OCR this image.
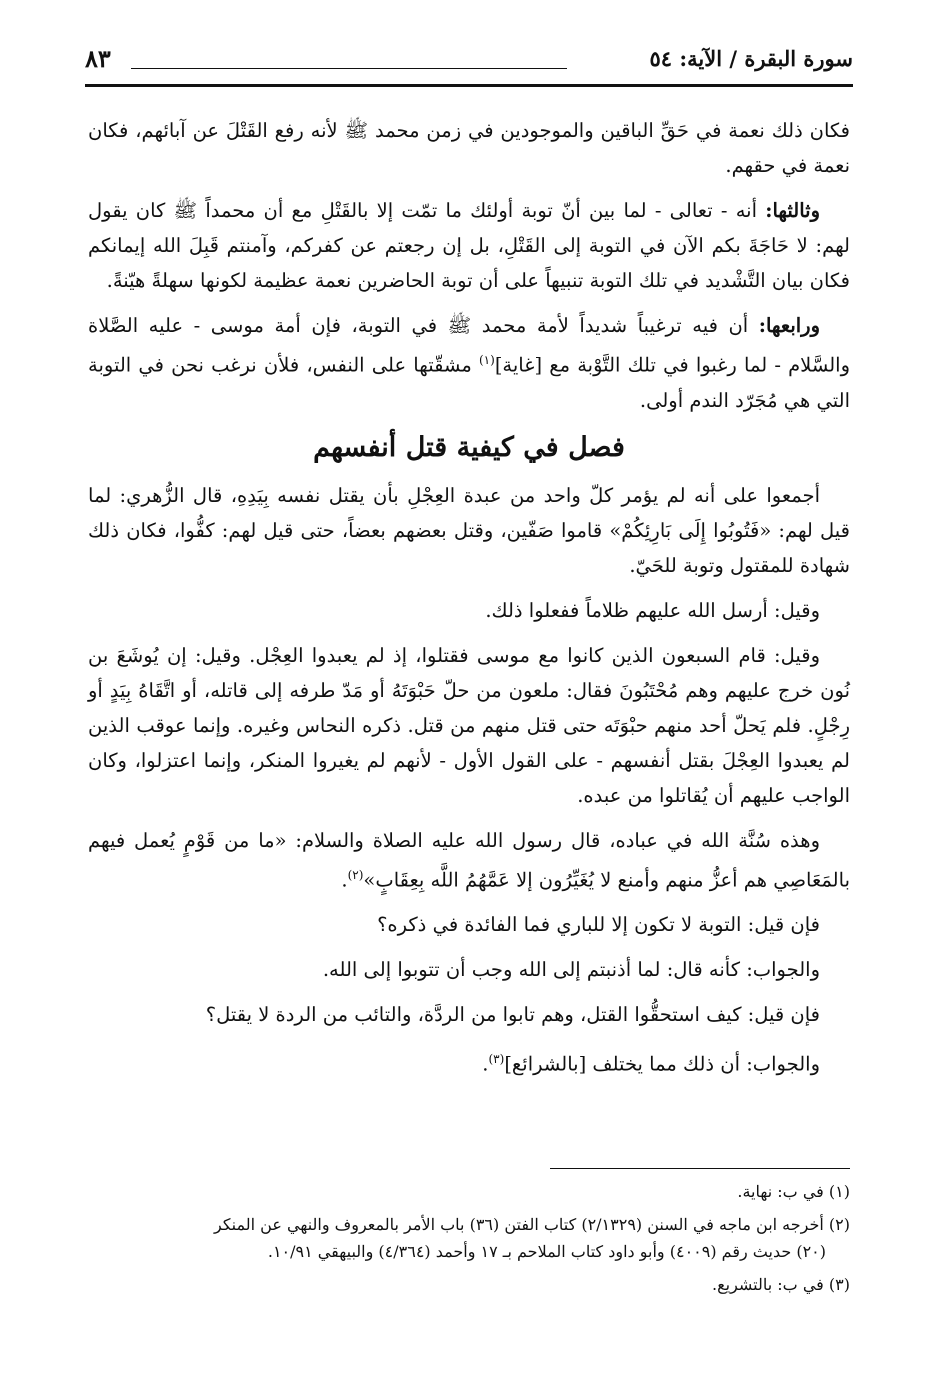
سورة البقرة / الآية: ٥٤
٨٣

فكان ذلك نعمة في حَقِّ الباقين والموجودين في زمن محمد ﷺ لأنه رفع القَتْلَ عن آبائهم، فكان نعمة في حقهم.

وثالثها: أنه - تعالى - لما بين أنّ توبة أولئك ما تمّت إلا بالقَتْلِ مع أن محمداً ﷺ كان يقول لهم: لا حَاجَةَ بكم الآن في التوبة إلى القَتْلِ، بل إن رجعتم عن كفركم، وآمنتم قَبِلَ الله إيمانكم فكان بيان التَّشْديد في تلك التوبة تنبيهاً على أن توبة الحاضرين نعمة عظيمة لكونها سهلةً هيّنةً.

ورابعها: أن فيه ترغيباً شديداً لأمة محمد ﷺ في التوبة، فإن أمة موسى - عليه الصَّلاة والسَّلام - لما رغبوا في تلك التَّوْبة مع [غاية]$^{(١)}$ مشقّتها على النفس، فلأن نرغب نحن في التوبة التي هي مُجَرّد الندم أولى.

فصل في كيفية قتل أنفسهم

أجمعوا على أنه لم يؤمر كلّ واحد من عبدة العِجْلِ بأن يقتل نفسه بِيَدِهِ، قال الزُّهري: لما قيل لهم: «فَتُوبُوا إِلَى بَارِئِكُمْ» قاموا صَفّين، وقتل بعضهم بعضاً، حتى قيل لهم: كفُّوا، فكان ذلك شهادة للمقتول وتوبة للحَيّ.

وقيل: أرسل الله عليهم ظلاماً ففعلوا ذلك.

وقيل: قام السبعون الذين كانوا مع موسى فقتلوا، إذ لم يعبدوا العِجْل. وقيل: إن يُوشَعَ بن نُون خرج عليهم وهم مُحْتَبُونَ فقال: ملعون من حلّ حَبْوَتَهُ أو مَدّ طرفه إلى قاتله، أو اتَّقَاهُ بِيَدٍ أو رِجْلٍ. فلم يَحلّ أحد منهم حبْوَتَه حتى قتل منهم من قتل. ذكره النحاس وغيره. وإنما عوقب الذين لم يعبدوا العِجْلَ بقتل أنفسهم - على القول الأول - لأنهم لم يغيروا المنكر، وإنما اعتزلوا، وكان الواجب عليهم أن يُقاتلوا من عبده.

وهذه سُنَّة الله في عباده، قال رسول الله عليه الصلاة والسلام: «ما من قَوْمٍ يُعمل فيهم بالمَعَاصِي هم أعزُّ منهم وأمنع لا يُغَيِّرُون إلا عَمَّهُمُ اللَّه بِعِقَابٍ»$^{(٢)}$.

فإن قيل: التوبة لا تكون إلا للباري فما الفائدة في ذكره؟

والجواب: كأنه قال: لما أذنبتم إلى الله وجب أن تتوبوا إلى الله.

فإن قيل: كيف استحقُّوا القتل، وهم تابوا من الردَّة، والتائب من الردة لا يقتل؟

والجواب: أن ذلك مما يختلف [بالشرائع]$^{(٣)}$.

(١) في ب: نهاية.

(٢) أخرجه ابن ماجه في السنن (٢/١٣٢٩) كتاب الفتن (٣٦) باب الأمر بالمعروف والنهي عن المنكر
(٢٠) حديث رقم (٤٠٠٩) وأبو داود كتاب الملاحم بـ ١٧ وأحمد (٤/٣٦٤) والبيهقي ١٠/٩١.

(٣) في ب: بالتشريع.
